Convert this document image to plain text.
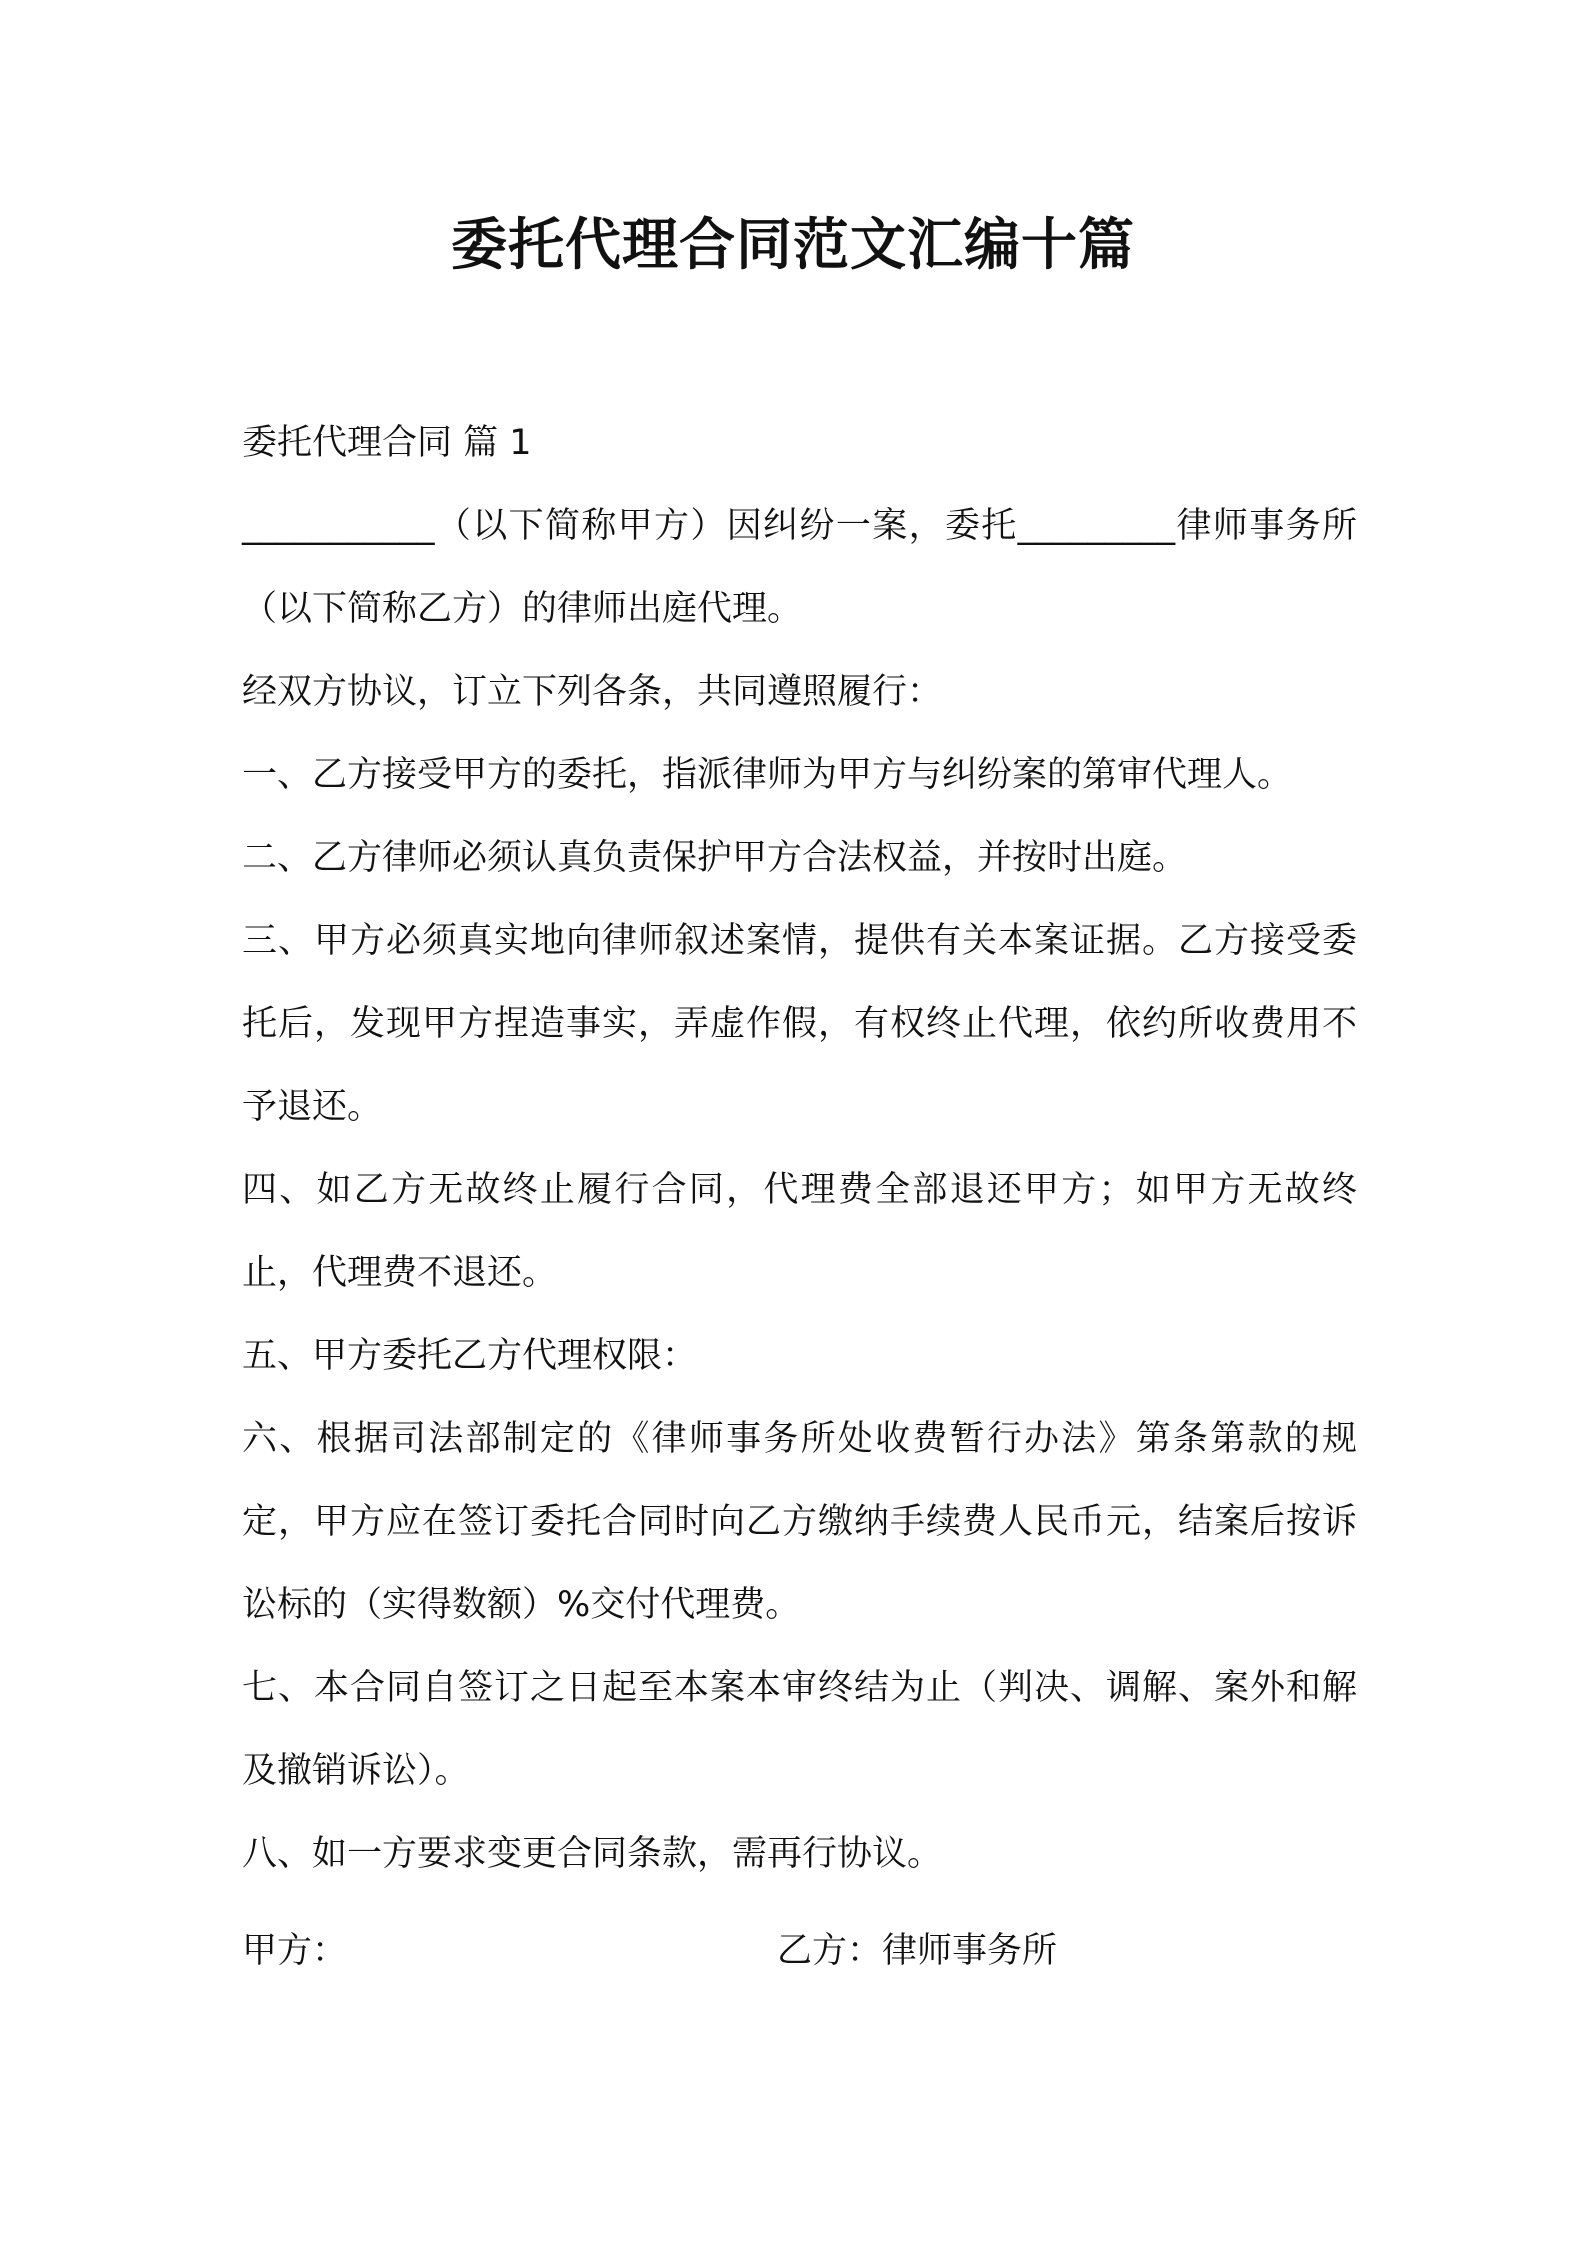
委托代理合同范文汇编十篇

委托代理合同 篇 1

___________（以下简称甲方）因纠纷一案，委托_________律师事务所（以下简称乙方）的律师出庭代理。

经双方协议，订立下列各条，共同遵照履行：

一、乙方接受甲方的委托，指派律师为甲方与纠纷案的第审代理人。

二、乙方律师必须认真负责保护甲方合法权益，并按时出庭。

三、甲方必须真实地向律师叙述案情，提供有关本案证据。乙方接受委托后，发现甲方捏造事实，弄虚作假，有权终止代理，依约所收费用不予退还。

四、如乙方无故终止履行合同，代理费全部退还甲方；如甲方无故终止，代理费不退还。

五、甲方委托乙方代理权限：

六、根据司法部制定的《律师事务所处收费暂行办法》第条第款的规定，甲方应在签订委托合同时向乙方缴纳手续费人民币元，结案后按诉讼标的（实得数额）%交付代理费。

七、本合同自签订之日起至本案本审终结为止（判决、调解、案外和解及撤销诉讼）。

八、如一方要求变更合同条款，需再行协议。

甲方：	乙方：律师事务所
